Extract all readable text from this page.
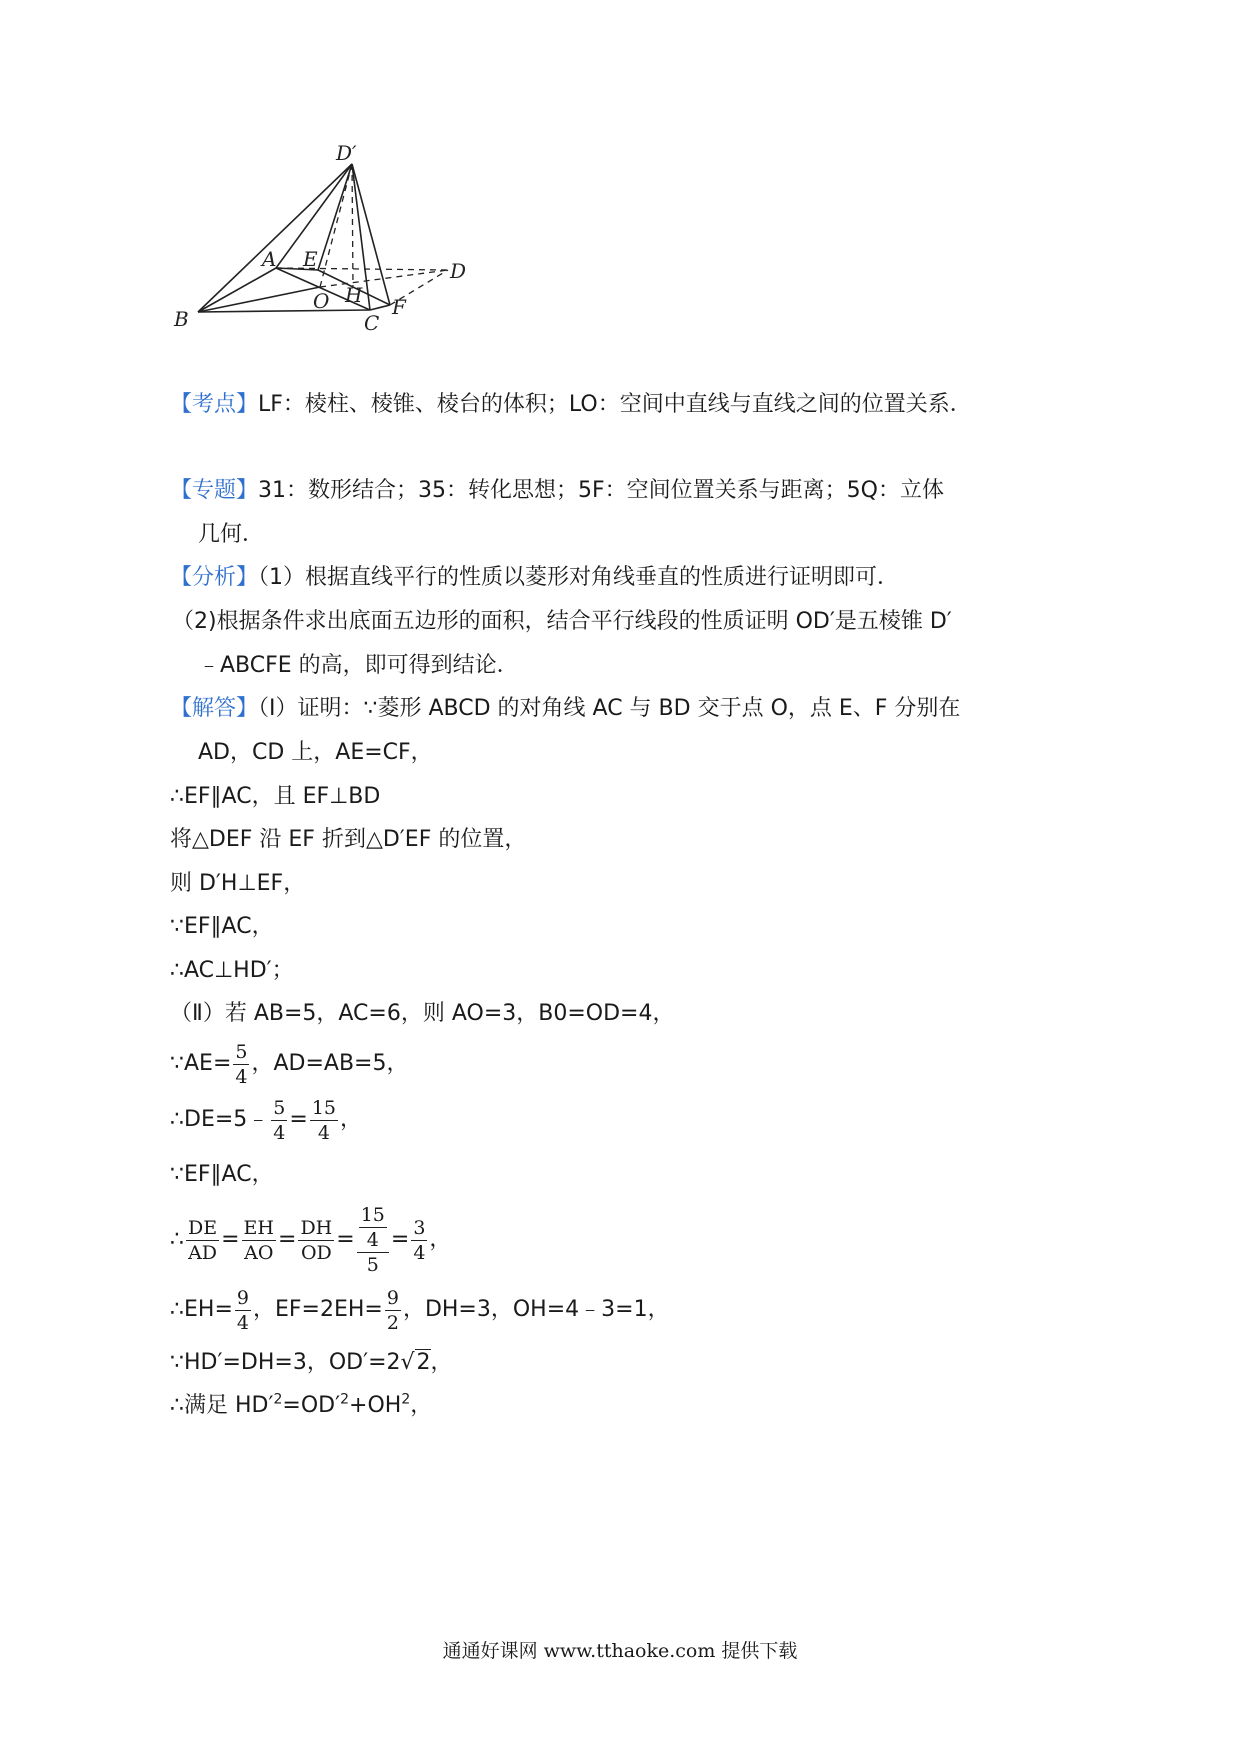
D′
A E	D
O H
B	C
F
【考点】LF：棱柱、棱锥、棱台的体积；LO：空间中直线与直线之间的位置关系．
【专题】31：数形结合；35：转化思想；5F：空间位置关系与距离；5Q：立体
几何．
【分析】（1）根据直线平行的性质以菱形对角线垂直的性质进行证明即可．
（2)根据条件求出底面五边形的面积，结合平行线段的性质证明 OD′是五棱锥 D′
﹣ABCFE 的高，即可得到结论．
【解答】（Ⅰ）证明：∵菱形 ABCD 的对角线 AC 与 BD 交于点 O，点 E、F 分别在
AD，CD 上，AE=CF，
∴EF∥AC，且 EF⊥BD
将△DEF 沿 EF 折到△D′EF 的位置，
则 D′H⊥EF，
∵EF∥AC，
∴AC⊥HD′；
（Ⅱ）若 AB=5，AC=6，则 AO=3，B0=OD=4，
∵AE= $\frac{5}{4}$ ，AD=AB=5，
∴DE=5﹣ $\frac{5}{4} = \frac{15}{4}$ ，
∵EF∥AC，
∴ $\frac{DE}{AD} = \frac{EH}{AO} = \frac{DH}{OD} = \frac{\frac{15}{4}}{5} = \frac{3}{4}$ ，
∴EH= $\frac{9}{4}$ ，$EF=2EH= \frac{9}{2}$ ，DH=3，OH=4﹣3=1，
∵HD′=DH=3，OD′=2√2，
∴满足 $HD'^2=OD'^2+OH^2$，
通通好课网 www.tthaoke.com 提供下载
